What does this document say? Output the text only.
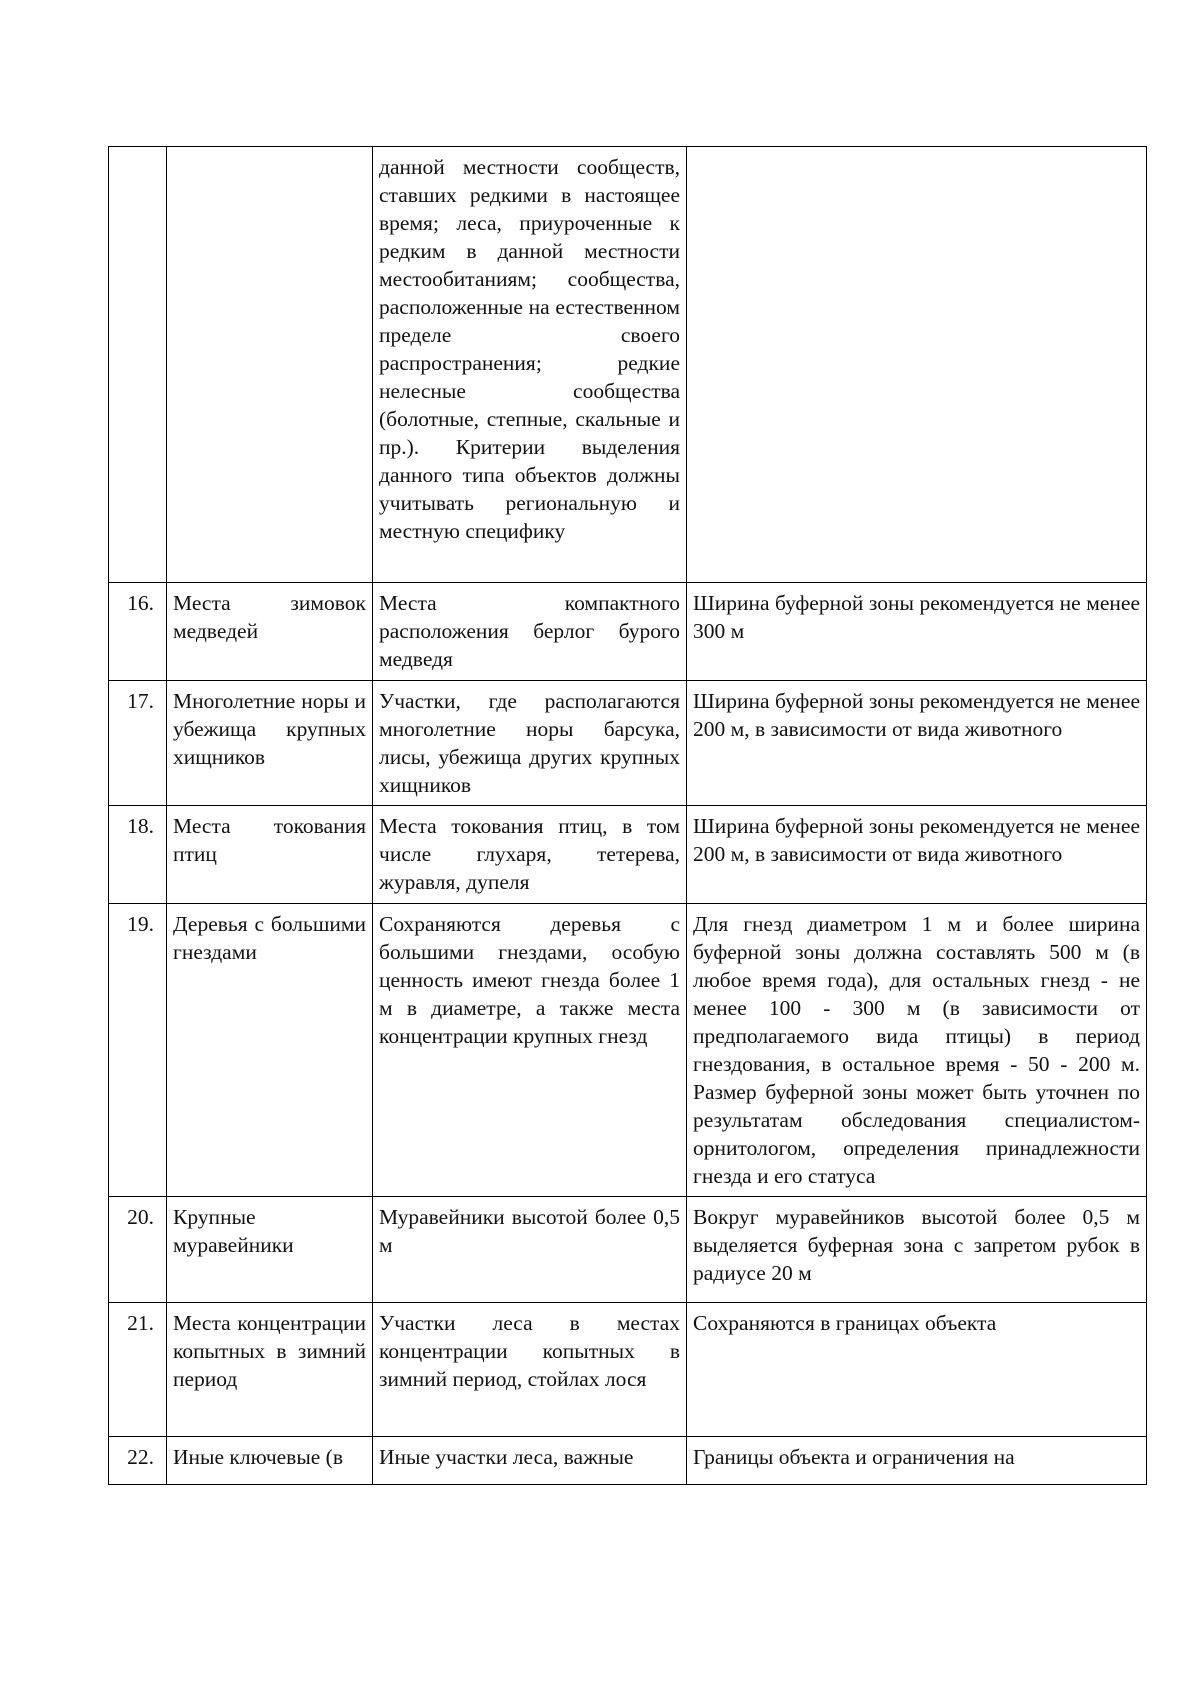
		данной местности сообществ, ставших редкими в настоящее время; леса, приуроченные к редким в данной местности местообитаниям; сообщества, расположенные на естественном пределе своего распространения; редкие нелесные сообщества (болотные, степные, скальные и пр.). Критерии выделения данного типа объектов должны учитывать региональную и местную специфику	

16.	Места зимовок медведей	Места компактного расположения берлог бурого медведя	Ширина буферной зоны рекомендуется не менее 300 м

17.	Многолетние норы и убежища крупных хищников	Участки, где располагаются многолетние норы барсука, лисы, убежища других крупных хищников	Ширина буферной зоны рекомендуется не менее 200 м, в зависимости от вида животного

18.	Места токования птиц	Места токования птиц, в том числе глухаря, тетерева, журавля, дупеля	Ширина буферной зоны рекомендуется не менее 200 м, в зависимости от вида животного

19.	Деревья с большими гнездами	Сохраняются деревья с большими гнездами, особую ценность имеют гнезда более 1 м в диаметре, а также места концентрации крупных гнезд	Для гнезд диаметром 1 м и более ширина буферной зоны должна составлять 500 м (в любое время года), для остальных гнезд - не менее 100 - 300 м (в зависимости от предполагаемого вида птицы) в период гнездования, в остальное время - 50 - 200 м. Размер буферной зоны может быть уточнен по результатам обследования специалистом-орнитологом, определения принадлежности гнезда и его статуса

20.	Крупные муравейники	Муравейники высотой более 0,5 м	Вокруг муравейников высотой более 0,5 м выделяется буферная зона с запретом рубок в радиусе 20 м

21.	Места концентрации копытных в зимний период	Участки леса в местах концентрации копытных в зимний период, стойлах лося	Сохраняются в границах объекта

22.	Иные ключевые (в	Иные участки леса, важные	Границы объекта и ограничения на
